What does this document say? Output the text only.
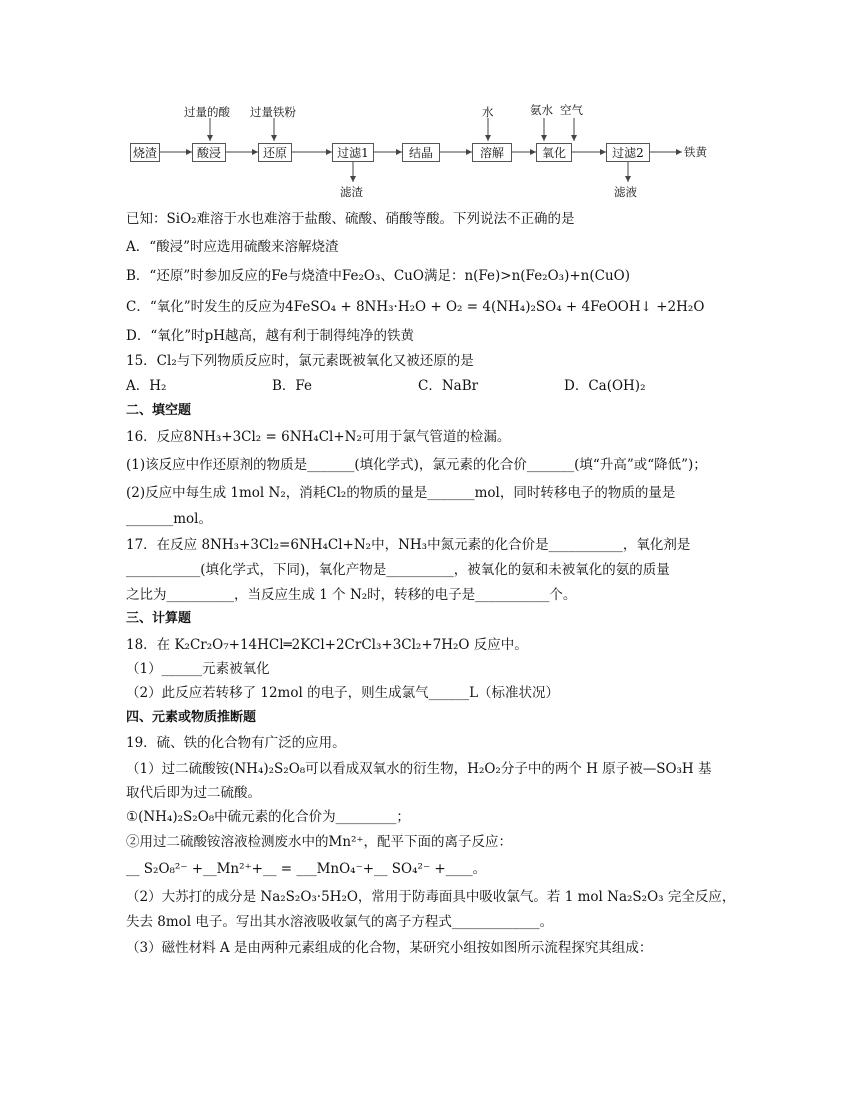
烧渣	酸浸	还原	过滤1	结晶	溶解	氧化	过滤2	铁黄
过量的酸 过量铁粉	水	氨水 空气
滤渣	滤液
已知：SiO₂难溶于水也难溶于盐酸、硫酸、硝酸等酸。下列说法不正确的是
A．“酸浸”时应选用硫酸来溶解烧渣
B．“还原”时参加反应的Fe与烧渣中Fe₂O₃、CuO满足：n(Fe)>n(Fe₂O₃)+n(CuO)
C．“氧化”时发生的反应为4FeSO₄ + 8NH₃·H₂O + O₂ = 4(NH₄)₂SO₄ + 4FeOOH↓ +2H₂O
D．“氧化”时pH越高，越有利于制得纯净的铁黄
15．Cl₂与下列物质反应时，氯元素既被氧化又被还原的是
A．H₂	B．Fe	C．NaBr	D．Ca(OH)₂
二、填空题
16．反应8NH₃+3Cl₂ = 6NH₄Cl+N₂可用于氯气管道的检漏。
(1)该反应中作还原剂的物质是_______(填化学式)，氯元素的化合价_______(填“升高”或“降低”)；
(2)反应中每生成 1mol N₂，消耗Cl₂的物质的量是_______mol，同时转移电子的物质的量是
_______mol。
17．在反应 8NH₃+3Cl₂=6NH₄Cl+N₂中，NH₃中氮元素的化合价是___________，氧化剂是
___________(填化学式，下同)，氧化产物是__________，被氧化的氨和未被氧化的氨的质量
之比为__________，当反应生成 1 个 N₂时，转移的电子是___________个。
三、计算题
18．在 K₂Cr₂O₇+14HCl═2KCl+2CrCl₃+3Cl₂+7H₂O 反应中。
（1）______元素被氧化
（2）此反应若转移了 12mol 的电子，则生成氯气______L（标准状况）
四、元素或物质推断题
19．硫、铁的化合物有广泛的应用。
（1）过二硫酸铵(NH₄)₂S₂O₈可以看成双氧水的衍生物，H₂O₂分子中的两个 H 原子被—SO₃H 基
取代后即为过二硫酸。
①(NH₄)₂S₂O₈中硫元素的化合价为_________；
②用过二硫酸铵溶液检测废水中的Mn²⁺，配平下面的离子反应：
__ S₂O₈²⁻ +__Mn²⁺+__ = ___MnO₄⁻+__ SO₄²⁻ +____。
（2）大苏打的成分是 Na₂S₂O₃·5H₂O，常用于防毒面具中吸收氯气。若 1 mol Na₂S₂O₃ 完全反应，
失去 8mol 电子。写出其水溶液吸收氯气的离子方程式_____________。
（3）磁性材料 A 是由两种元素组成的化合物，某研究小组按如图所示流程探究其组成：
